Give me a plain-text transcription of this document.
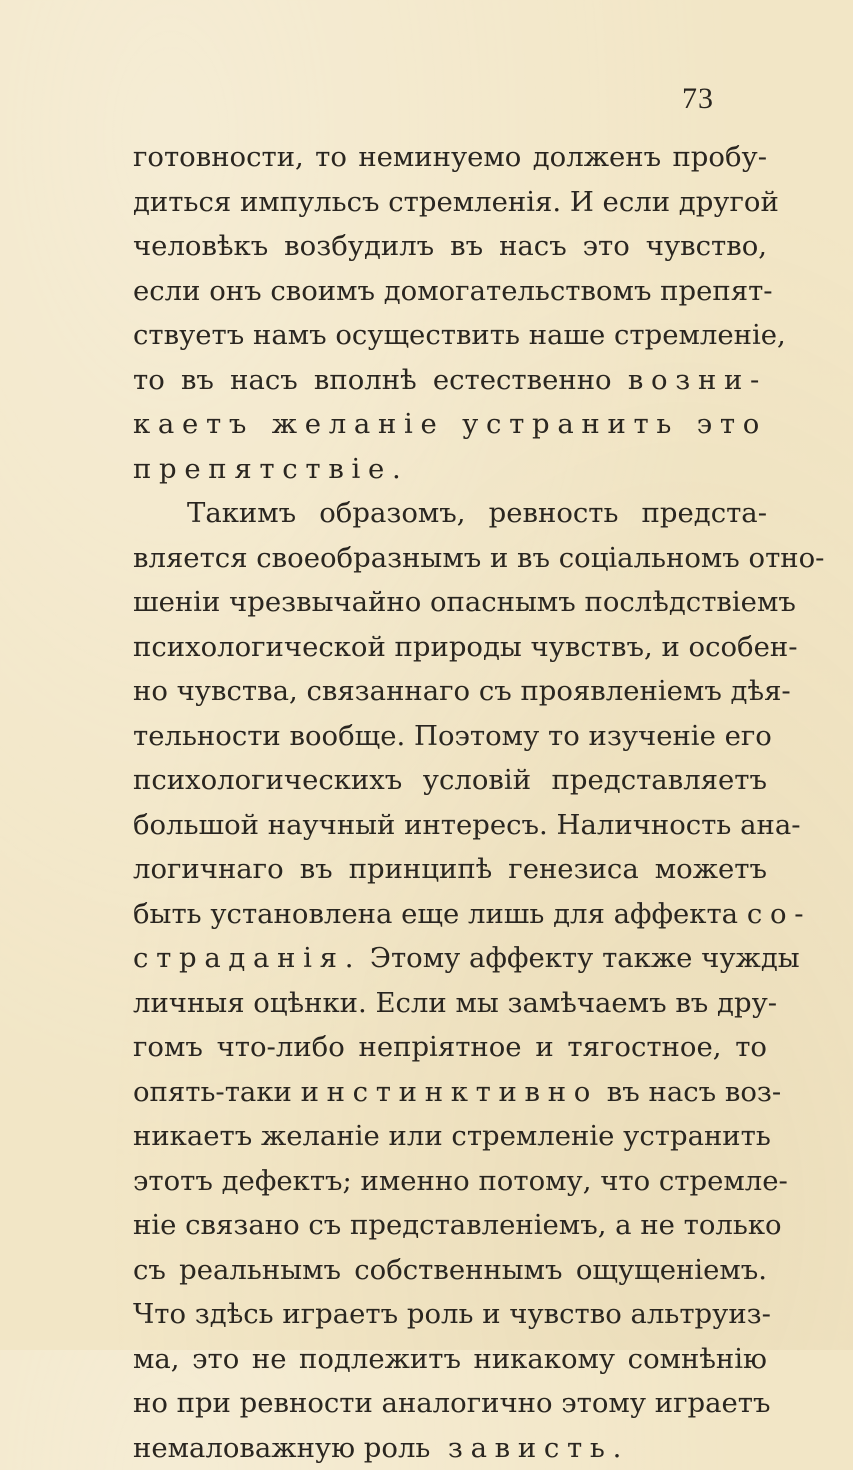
73
готовности, то неминуемо долженъ пробу-
диться импульсъ стремленія. И если другой
человѣкъ возбудилъ въ насъ это чувство,
если онъ своимъ домогательствомъ препят-
ствуетъ намъ осуществить наше стремленіе,
то въ насъ вполнѣ естественно возни-
каетъ желаніе устранить это
препятствіе.
Такимъ образомъ, ревность предста-
вляется своеобразнымъ и въ соціальномъ отно-
шеніи чрезвычайно опаснымъ послѣдствіемъ
психологической природы чувствъ, и особен-
но чувства, связаннаго съ проявленіемъ дѣя-
тельности вообще. Поэтому то изученіе его
психологическихъ условій представляетъ
большой научный интересъ. Наличность ана-
логичнаго въ принципѣ генезиса можетъ
быть установлена еще лишь для аффекта со-
страданія. Этому аффекту также чужды
личныя оцѣнки. Если мы замѣчаемъ въ дру-
гомъ что-либо непріятное и тягостное, то
опять-таки инстинктивно въ насъ воз-
никаетъ желаніе или стремленіе устранить
этотъ дефектъ; именно потому, что стремле-
ніе связано съ представленіемъ, а не только
съ реальнымъ собственнымъ ощущеніемъ.
Что здѣсь играетъ роль и чувство альтруиз-
ма, это не подлежитъ никакому сомнѣнію
но при ревности аналогично этому играетъ
немаловажную роль зависть.
